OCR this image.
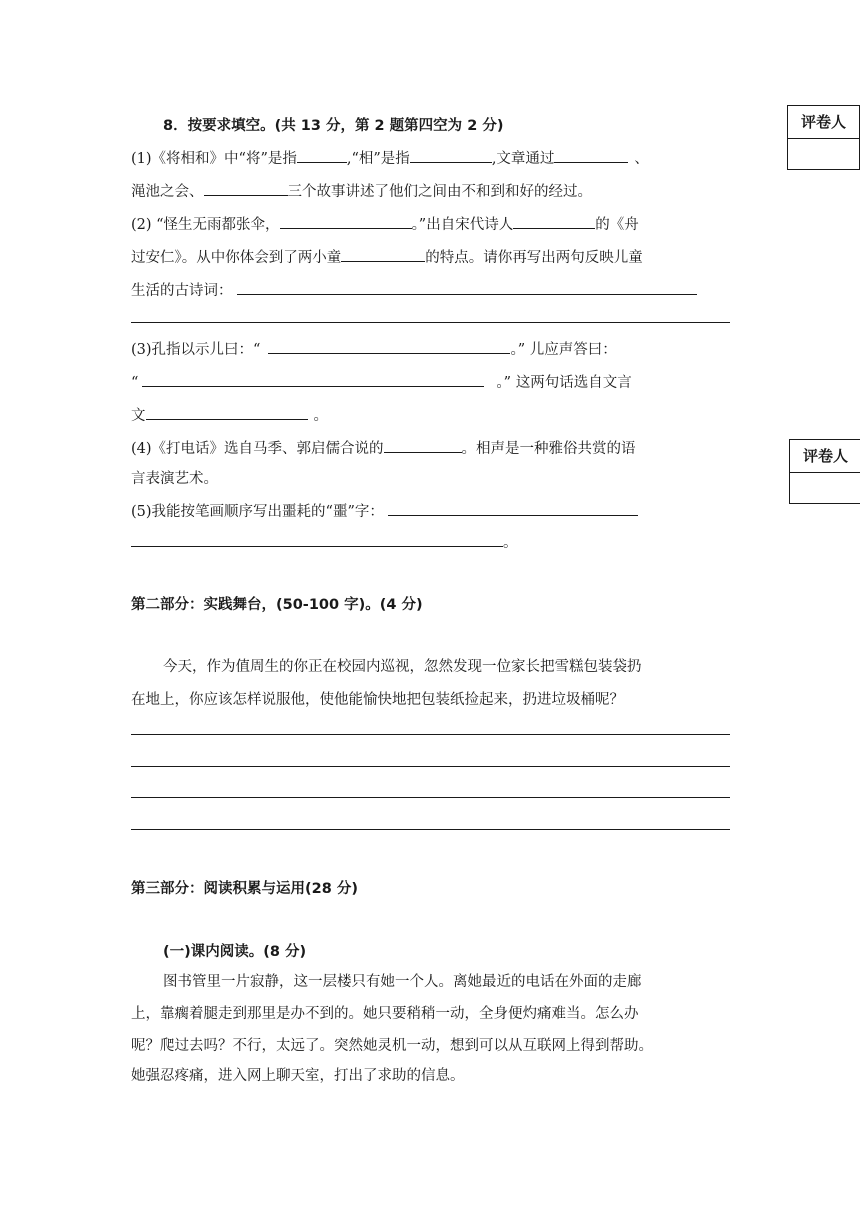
评卷人
评卷人
8．按要求填空。(共 13 分，第 2 题第四空为 2 分)
(1)《将相和》中“将”是指	,“相”是指	,文章通过	、
渑池之会、	三个故事讲述了他们之间由不和到和好的经过。
(2) “怪生无雨都张伞，	。”出自宋代诗人	的《舟
过安仁》。从中你体会到了两小童	的特点。请你再写出两句反映儿童
生活的古诗词：
(3)孔指以示儿曰：“	。” 儿应声答曰：
“	。” 这两句话选自文言
文	。
(4)《打电话》选自马季、郭启儒合说的	。相声是一种雅俗共赏的语
言表演艺术。
(5)我能按笔画顺序写出噩耗的“噩”字：
。
第二部分：实践舞台，(50-100 字)。(4 分)
今天，作为值周生的你正在校园内巡视，忽然发现一位家长把雪糕包装袋扔
在地上，你应该怎样说服他，使他能愉快地把包装纸捡起来，扔进垃圾桶呢？
第三部分：阅读积累与运用(28 分)
(一)课内阅读。(8 分)
图书管里一片寂静，这一层楼只有她一个人。离她最近的电话在外面的走廊
上，靠瘸着腿走到那里是办不到的。她只要稍稍一动，全身便灼痛难当。怎么办
呢？爬过去吗？不行，太远了。突然她灵机一动，想到可以从互联网上得到帮助。
她强忍疼痛，进入网上聊天室，打出了求助的信息。
